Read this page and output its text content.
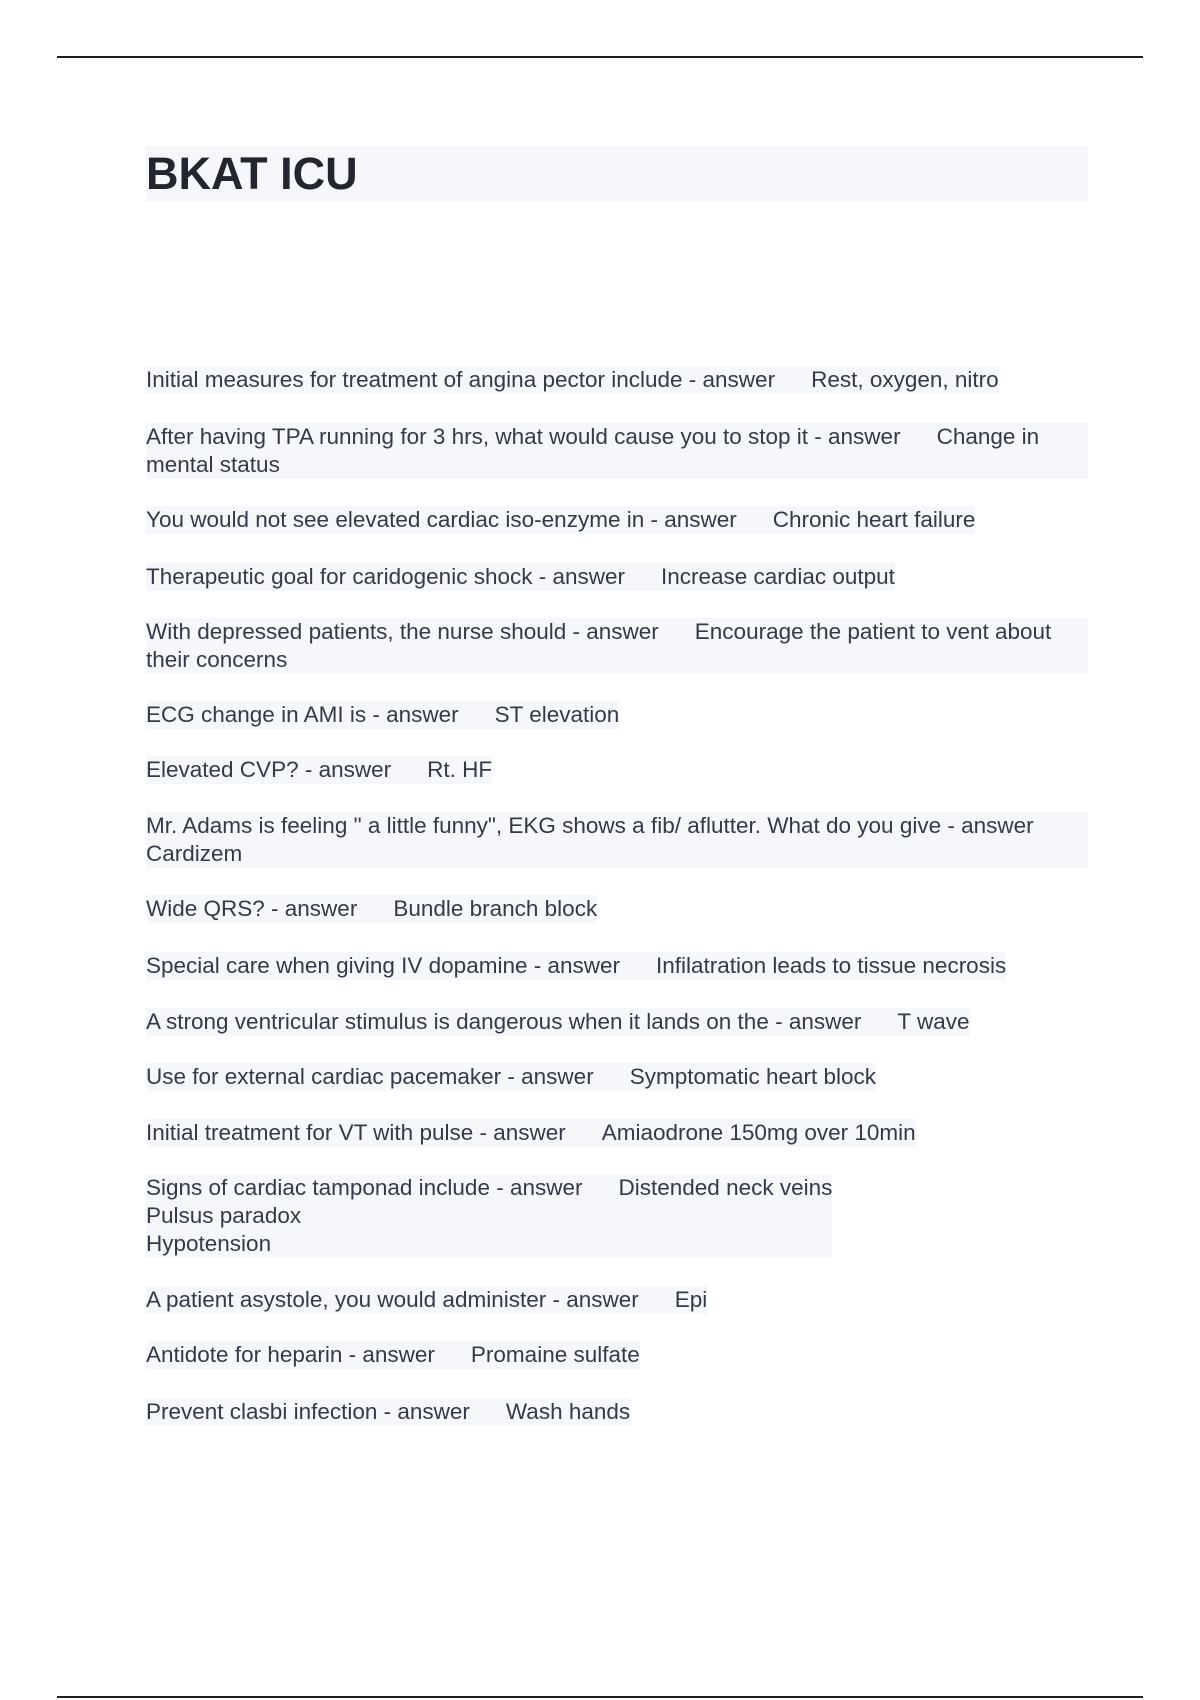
BKAT ICU

Initial measures for treatment of angina pector include - answer Rest, oxygen, nitro

After having TPA running for 3 hrs, what would cause you to stop it - answer Change in mental status

You would not see elevated cardiac iso-enzyme in - answer Chronic heart failure

Therapeutic goal for caridogenic shock - answer Increase cardiac output

With depressed patients, the nurse should - answer Encourage the patient to vent about their concerns

ECG change in AMI is - answer ST elevation

Elevated CVP? - answer Rt. HF

Mr. Adams is feeling " a little funny", EKG shows a fib/ aflutter. What do you give - answerCardizem

Wide QRS? - answer Bundle branch block

Special care when giving IV dopamine - answer Infilatration leads to tissue necrosis

A strong ventricular stimulus is dangerous when it lands on the - answer T wave

Use for external cardiac pacemaker - answer Symptomatic heart block

Initial treatment for VT with pulse - answer Amiaodrone 150mg over 10min

Signs of cardiac tamponad include - answer Distended neck veins
Pulsus paradox
Hypotension

A patient asystole, you would administer - answer Epi

Antidote for heparin - answer Promaine sulfate

Prevent clasbi infection - answer Wash hands
